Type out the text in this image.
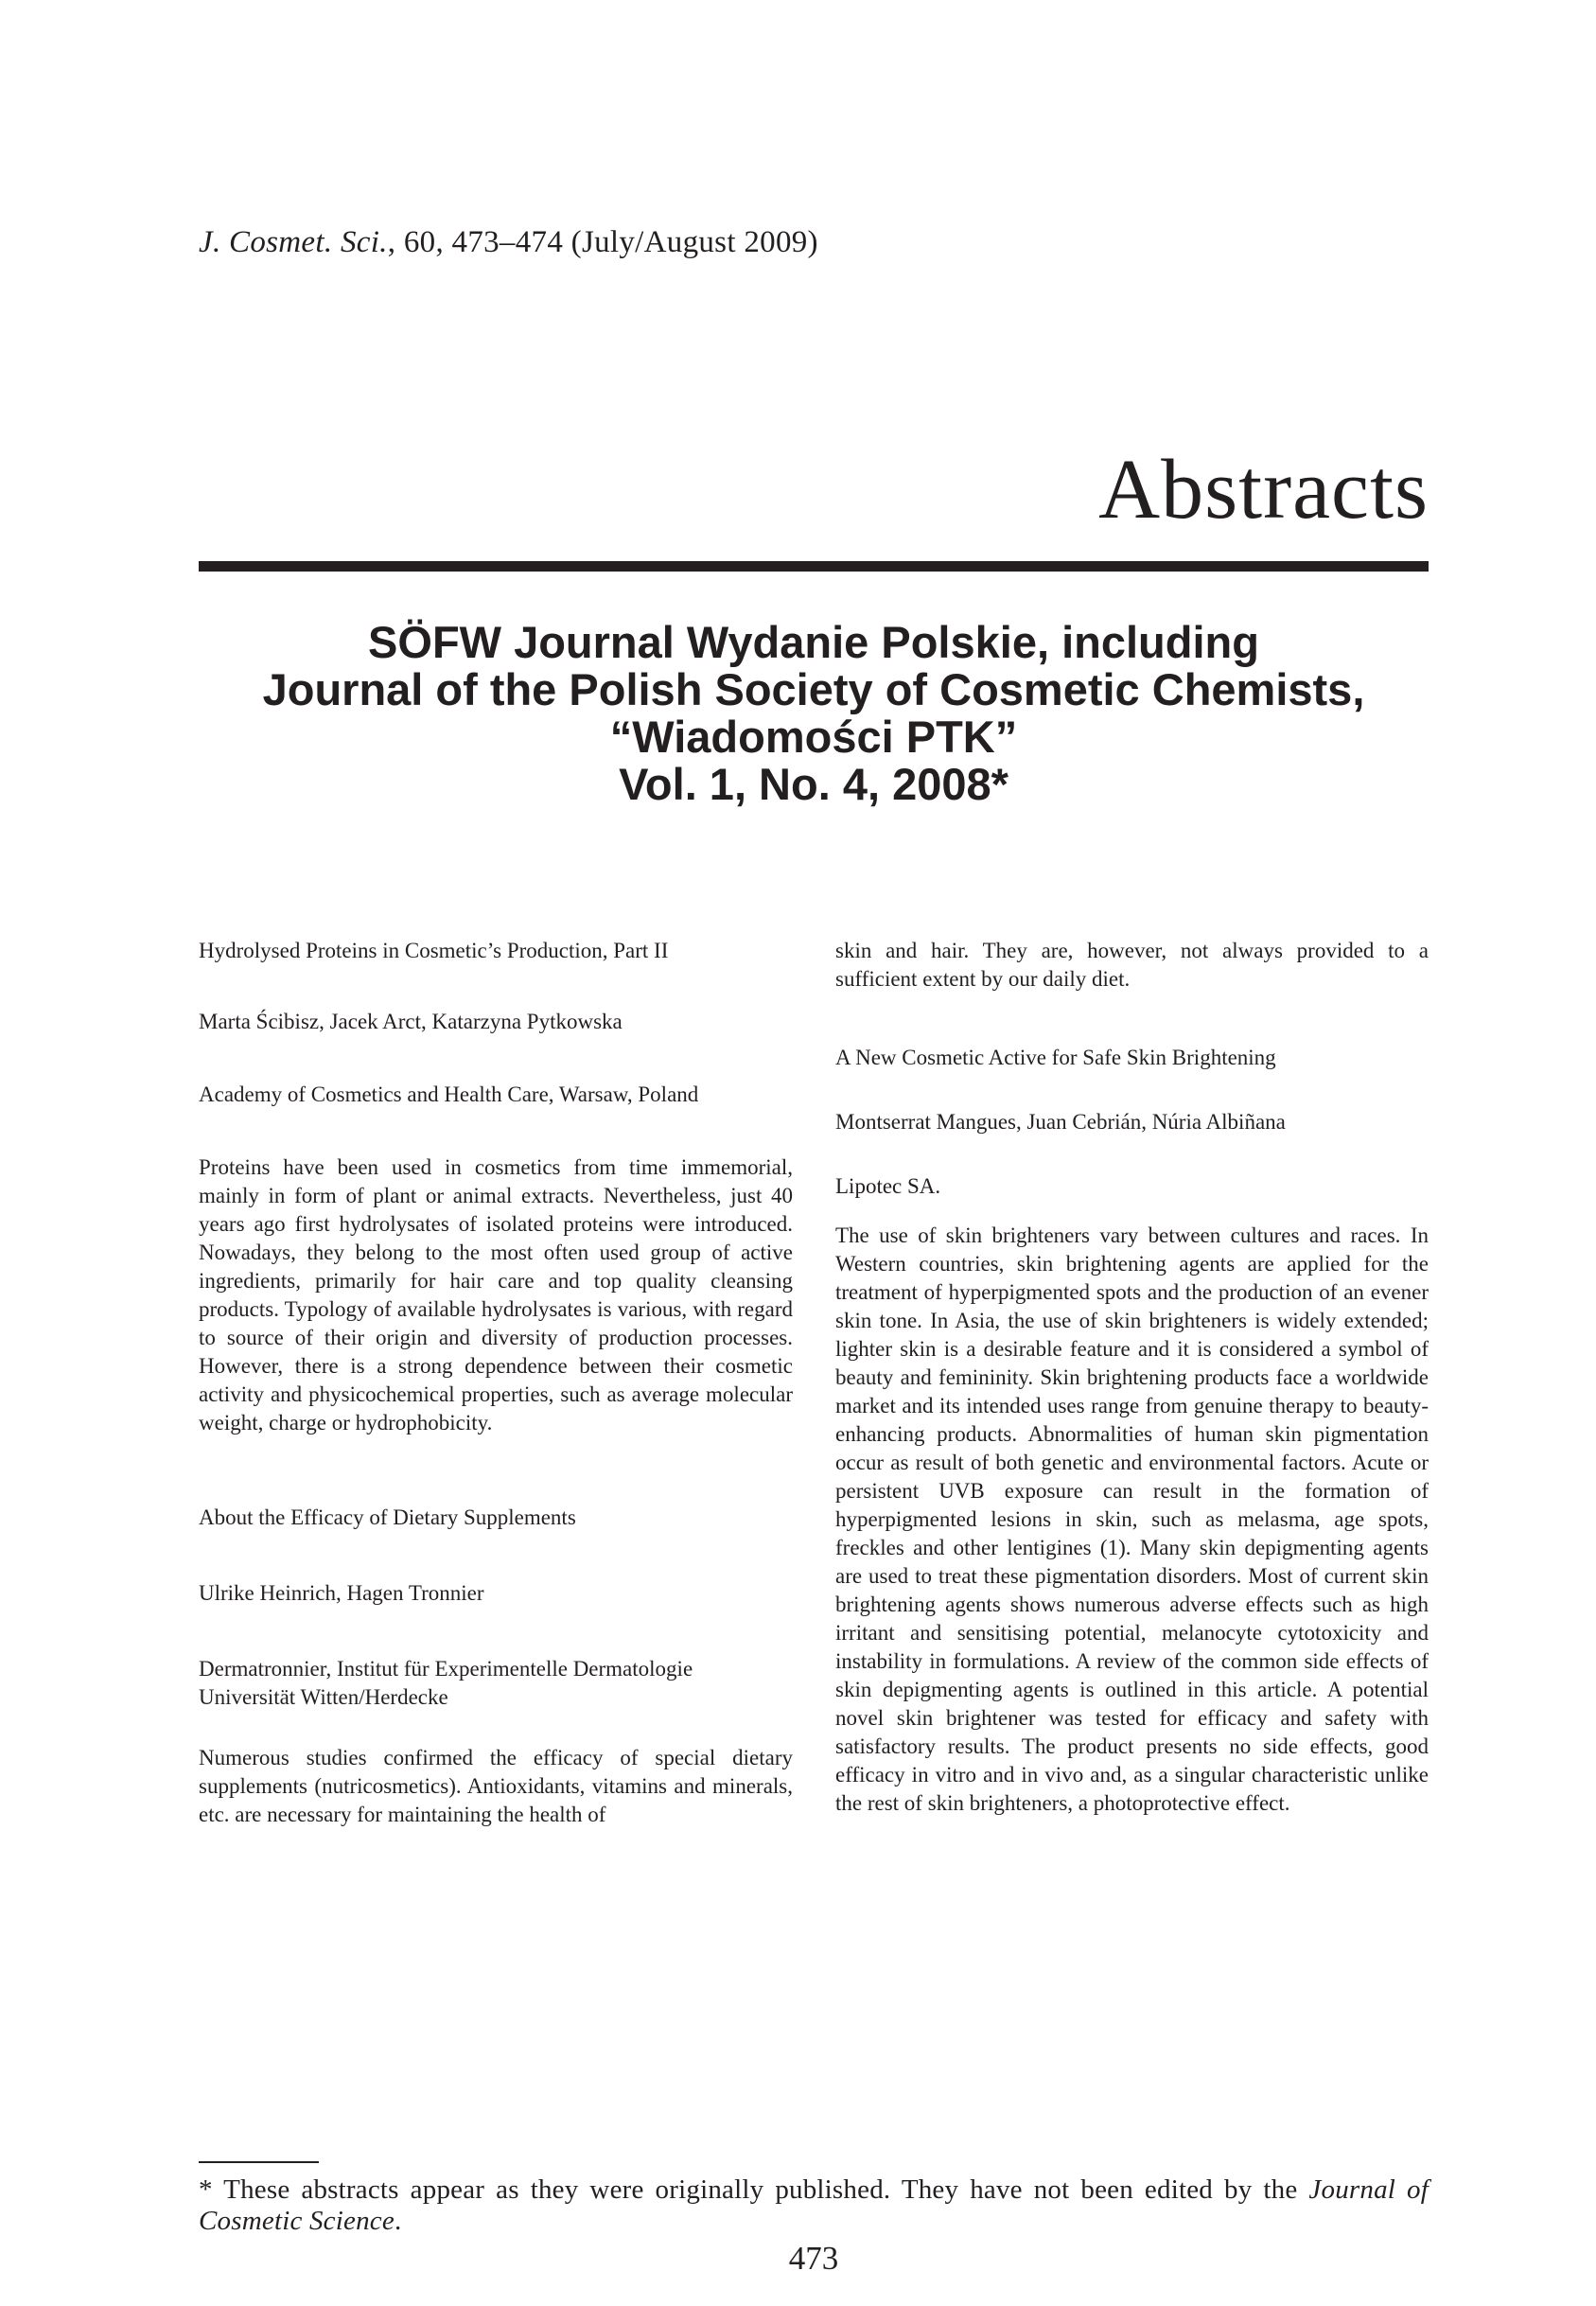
J. Cosmet. Sci., 60, 473–474 (July/August 2009)
Abstracts
SÖFW Journal Wydanie Polskie, including
Journal of the Polish Society of Cosmetic Chemists,
“Wiadomości PTK”
Vol. 1, No. 4, 2008*

Hydrolysed Proteins in Cosmetic’s Production, Part II

Marta Ścibisz, Jacek Arct, Katarzyna Pytkowska

Academy of Cosmetics and Health Care, Warsaw, Poland

Proteins have been used in cosmetics from time immemorial, mainly in form of plant or animal extracts. Nevertheless, just 40 years ago first hydrolysates of isolated proteins were introduced. Nowadays, they belong to the most often used group of active ingredients, primarily for hair care and top quality cleansing products. Typology of available hydrolysates is various, with regard to source of their origin and diversity of production processes. However, there is a strong dependence between their cosmetic activity and physicochemical properties, such as average molecular weight, charge or hydrophobicity.

About the Efficacy of Dietary Supplements

Ulrike Heinrich, Hagen Tronnier

Dermatronnier, Institut für Experimentelle Dermatologie Universität Witten/Herdecke

Numerous studies confirmed the efficacy of special dietary supplements (nutricosmetics). Antioxidants, vitamins and minerals, etc. are necessary for maintaining the health of

skin and hair. They are, however, not always provided to a sufficient extent by our daily diet.

A New Cosmetic Active for Safe Skin Brightening

Montserrat Mangues, Juan Cebrián, Núria Albiñana

Lipotec SA.

The use of skin brighteners vary between cultures and races. In Western countries, skin brightening agents are applied for the treatment of hyperpigmented spots and the production of an evener skin tone. In Asia, the use of skin brighteners is widely extended; lighter skin is a desirable feature and it is considered a symbol of beauty and femininity. Skin brightening products face a worldwide market and its intended uses range from genuine therapy to beauty-enhancing products. Abnormalities of human skin pigmentation occur as result of both genetic and environmental factors. Acute or persistent UVB exposure can result in the formation of hyperpigmented lesions in skin, such as melasma, age spots, freckles and other lentigines (1). Many skin depigmenting agents are used to treat these pigmentation disorders. Most of current skin brightening agents shows numerous adverse effects such as high irritant and sensitising potential, melanocyte cytotoxicity and instability in formulations. A review of the common side effects of skin depigmenting agents is outlined in this article. A potential novel skin brightener was tested for efficacy and safety with satisfactory results. The product presents no side effects, good efficacy in vitro and in vivo and, as a singular characteristic unlike the rest of skin brighteners, a photoprotective effect.

* These abstracts appear as they were originally published. They have not been edited by the Journal of Cosmetic Science.
473
